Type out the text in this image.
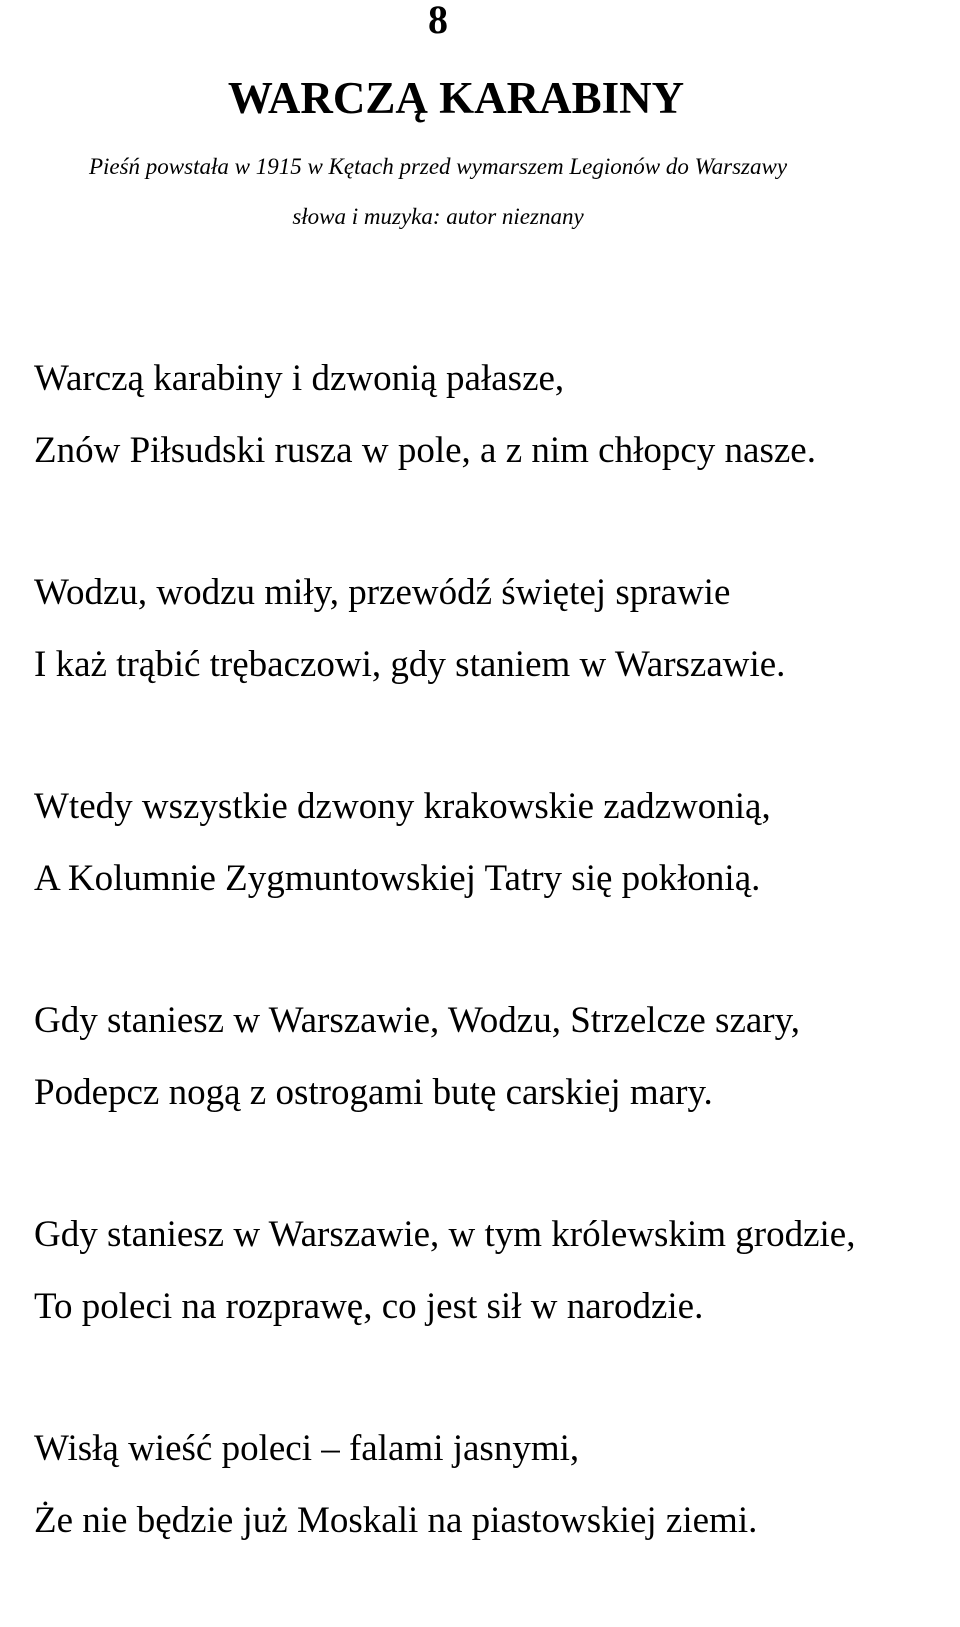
8
WARCZĄ KARABINY
Pieśń powstała w 1915 w Kętach przed wymarszem Legionów do Warszawy
słowa i muzyka: autor nieznany
Warczą karabiny i dzwonią pałasze,
Znów Piłsudski rusza w pole, a z nim chłopcy nasze.
Wodzu, wodzu miły, przewódź świętej sprawie
I każ trąbić trębaczowi, gdy staniem w Warszawie.
Wtedy wszystkie dzwony krakowskie zadzwonią,
A Kolumnie Zygmuntowskiej Tatry się pokłonią.
Gdy staniesz w Warszawie, Wodzu, Strzelcze szary,
Podepcz nogą z ostrogami butę carskiej mary.
Gdy staniesz w Warszawie, w tym królewskim grodzie,
To poleci na rozprawę, co jest sił w narodzie.
Wisłą wieść poleci – falami jasnymi,
Że nie będzie już Moskali na piastowskiej ziemi.
